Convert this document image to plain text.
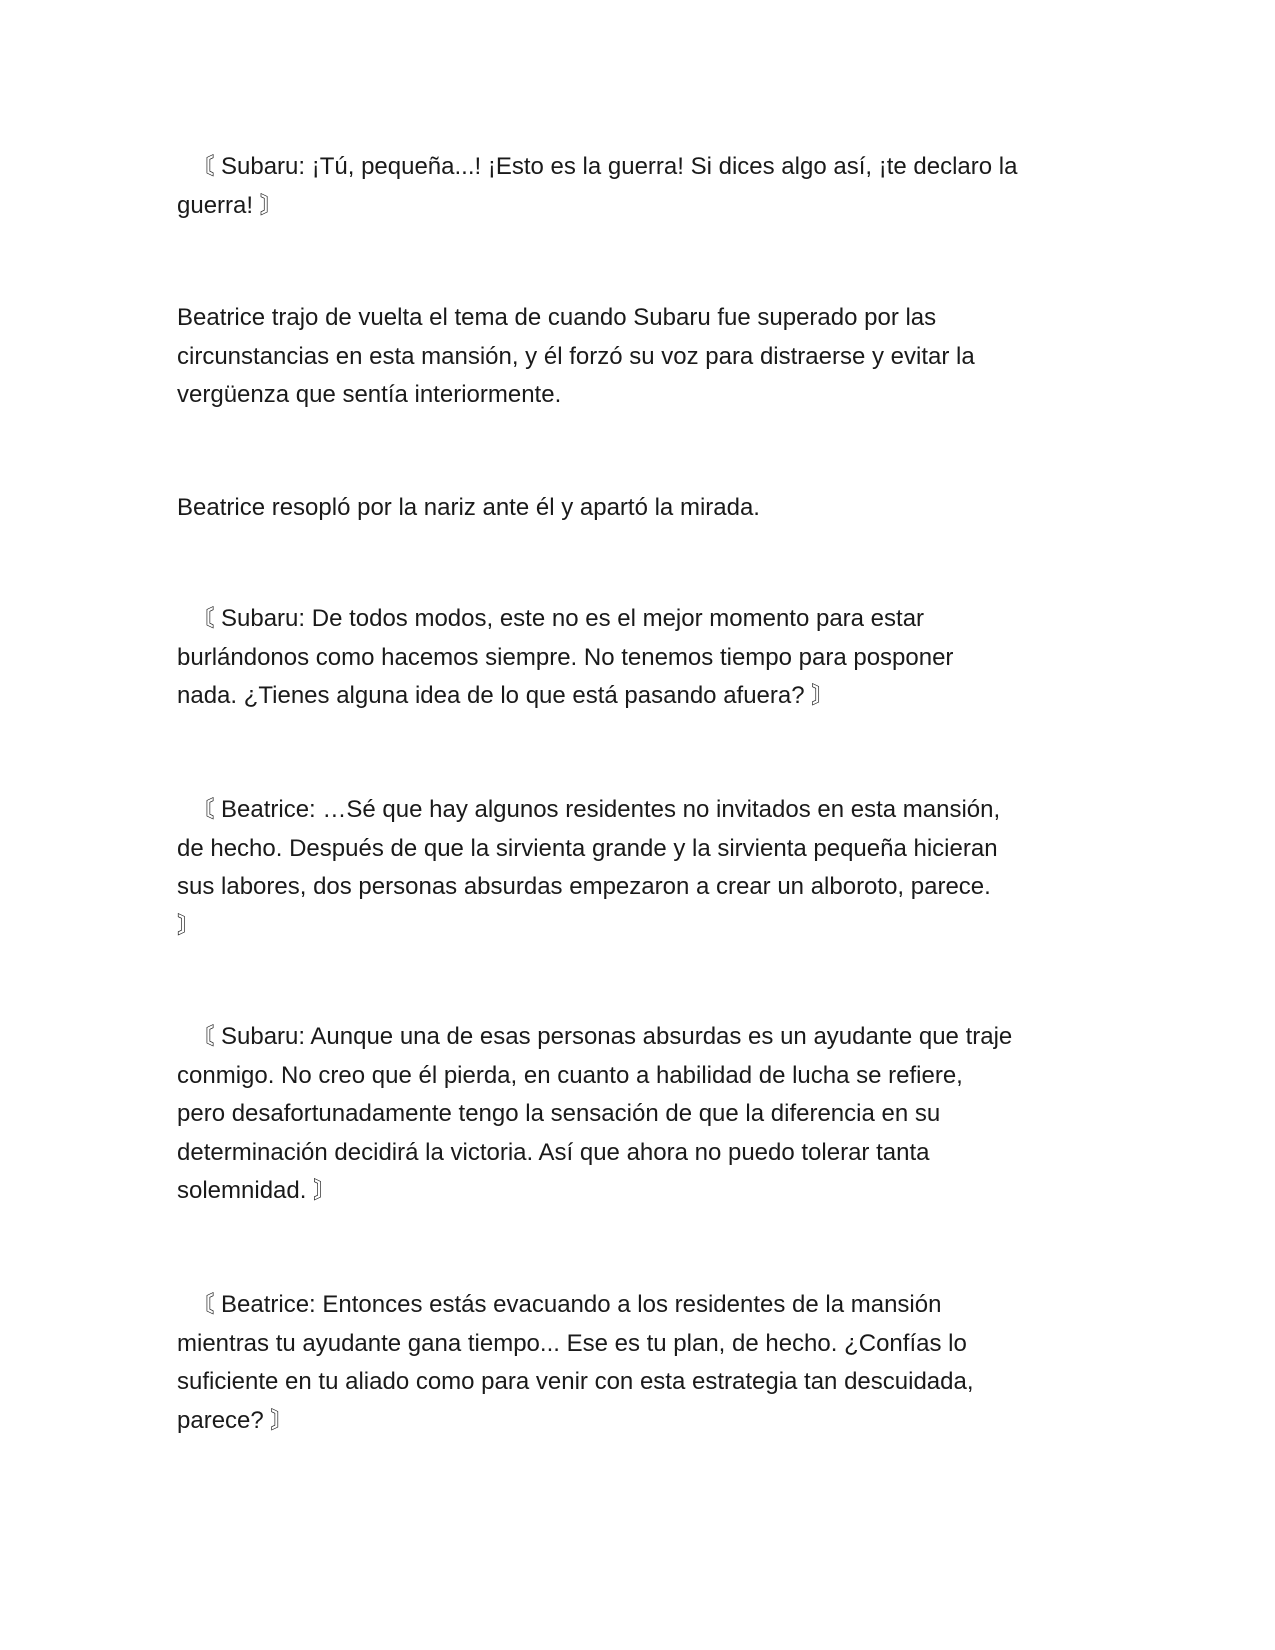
〘 Subaru: ¡Tú, pequeña...! ¡Esto es la guerra! Si dices algo así, ¡te declaro la
guerra! 〙

Beatrice trajo de vuelta el tema de cuando Subaru fue superado por las
circunstancias en esta mansión, y él forzó su voz para distraerse y evitar la
vergüenza que sentía interiormente.

Beatrice resopló por la nariz ante él y apartó la mirada.

〘 Subaru: De todos modos, este no es el mejor momento para estar
burlándonos como hacemos siempre. No tenemos tiempo para posponer
nada. ¿Tienes alguna idea de lo que está pasando afuera? 〙

〘 Beatrice: …Sé que hay algunos residentes no invitados en esta mansión,
de hecho. Después de que la sirvienta grande y la sirvienta pequeña hicieran
sus labores, dos personas absurdas empezaron a crear un alboroto, parece.
〙

〘 Subaru: Aunque una de esas personas absurdas es un ayudante que traje
conmigo. No creo que él pierda, en cuanto a habilidad de lucha se refiere,
pero desafortunadamente tengo la sensación de que la diferencia en su
determinación decidirá la victoria. Así que ahora no puedo tolerar tanta
solemnidad. 〙

〘 Beatrice: Entonces estás evacuando a los residentes de la mansión
mientras tu ayudante gana tiempo... Ese es tu plan, de hecho. ¿Confías lo
suficiente en tu aliado como para venir con esta estrategia tan descuidada,
parece? 〙
